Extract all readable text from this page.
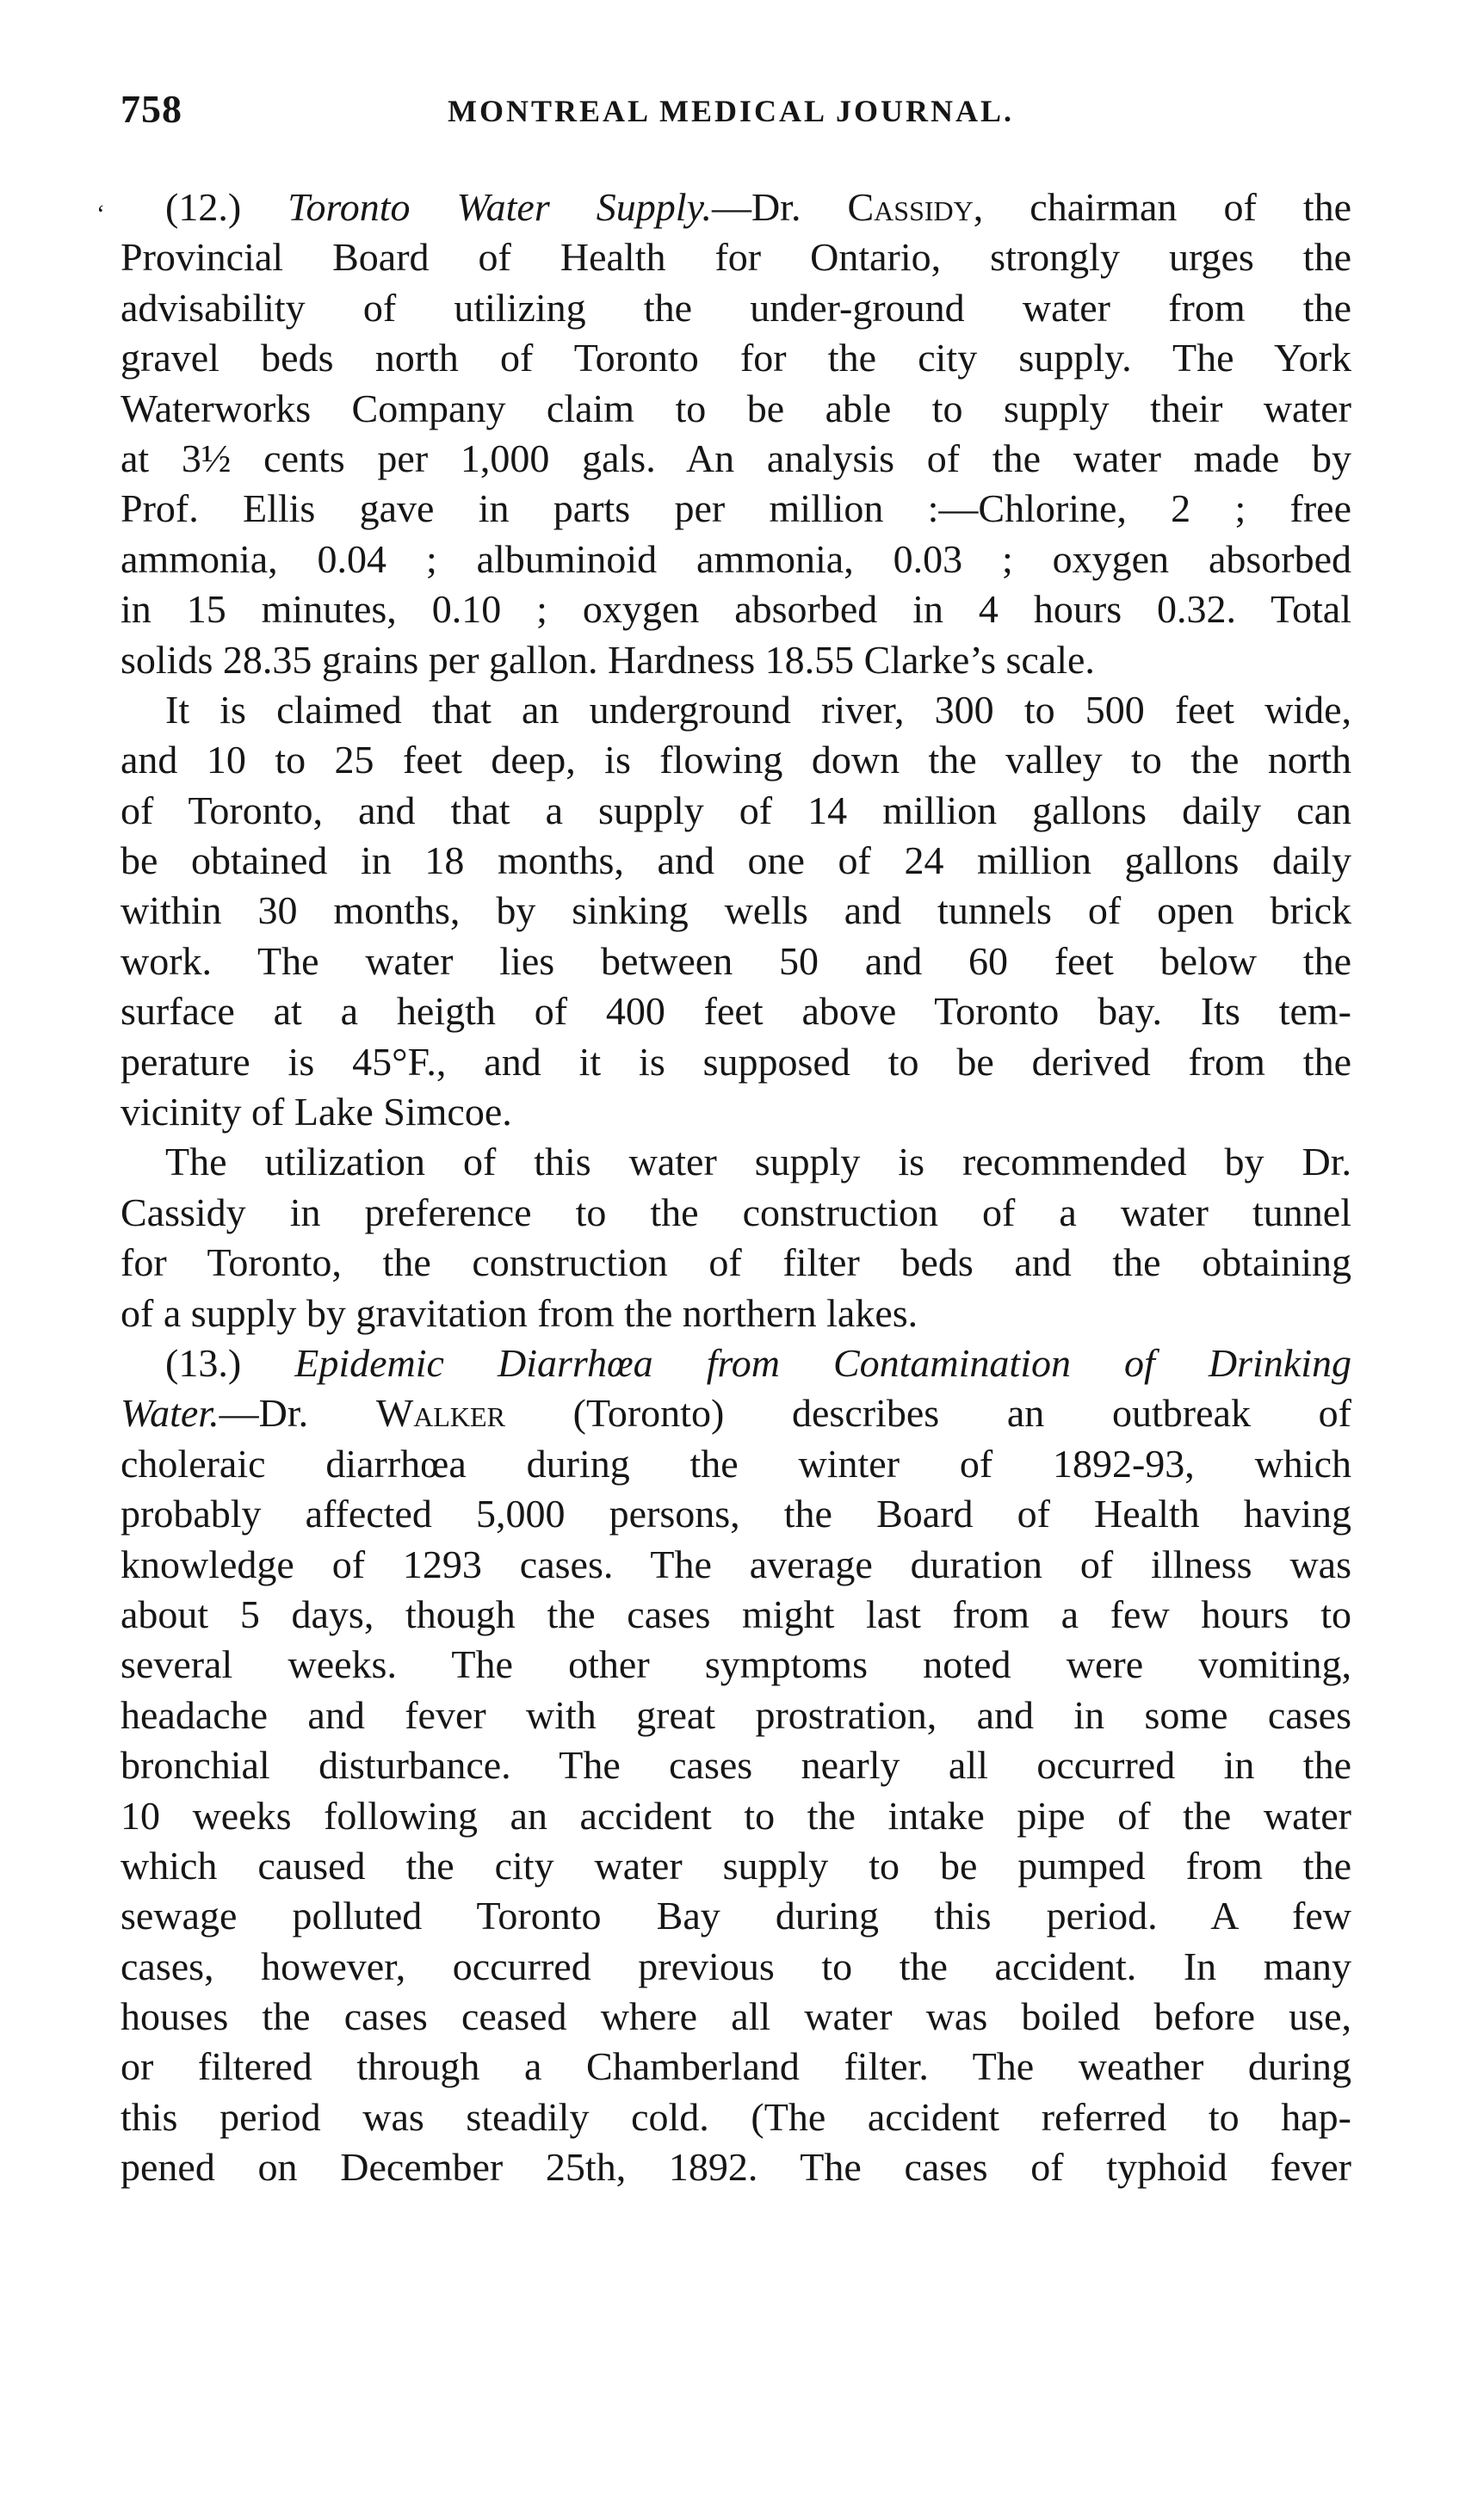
758	MONTREAL MEDICAL JOURNAL.
‘	(12.) Toronto Water Supply.—Dr. Cassidy, chairman of the
Provincial Board of Health for Ontario, strongly urges the
advisability of utilizing the under-ground water from the
gravel beds north of Toronto for the city supply. The York
Waterworks Company claim to be able to supply their water
at 3½ cents per 1,000 gals. An analysis of the water made by
Prof. Ellis gave in parts per million :—Chlorine, 2 ; free
ammonia, 0.04 ; albuminoid ammonia, 0.03 ; oxygen absorbed
in 15 minutes, 0.10 ; oxygen absorbed in 4 hours 0.32. Total
solids 28.35 grains per gallon. Hardness 18.55 Clarke’s scale.
It is claimed that an underground river, 300 to 500 feet wide,
and 10 to 25 feet deep, is flowing down the valley to the north
of Toronto, and that a supply of 14 million gallons daily can
be obtained in 18 months, and one of 24 million gallons daily
within 30 months, by sinking wells and tunnels of open brick
work. The water lies between 50 and 60 feet below the
surface at a heigth of 400 feet above Toronto bay. Its tem-
perature is 45°F., and it is supposed to be derived from the
vicinity of Lake Simcoe.
The utilization of this water supply is recommended by Dr.
Cassidy in preference to the construction of a water tunnel
for Toronto, the construction of filter beds and the obtaining
of a supply by gravitation from the northern lakes.
(13.) Epidemic Diarrhœa from Contamination of Drinking
Water.—Dr. Walker (Toronto) describes an outbreak of
choleraic diarrhœa during the winter of 1892-93, which
probably affected 5,000 persons, the Board of Health having
knowledge of 1293 cases. The average duration of illness was
about 5 days, though the cases might last from a few hours to
several weeks. The other symptoms noted were vomiting,
headache and fever with great prostration, and in some cases
bronchial disturbance. The cases nearly all occurred in the
10 weeks following an accident to the intake pipe of the water
which caused the city water supply to be pumped from the
sewage polluted Toronto Bay during this period. A few
cases, however, occurred previous to the accident. In many
houses the cases ceased where all water was boiled before use,
or filtered through a Chamberland filter. The weather during
this period was steadily cold. (The accident referred to hap-
pened on December 25th, 1892. The cases of typhoid fever
